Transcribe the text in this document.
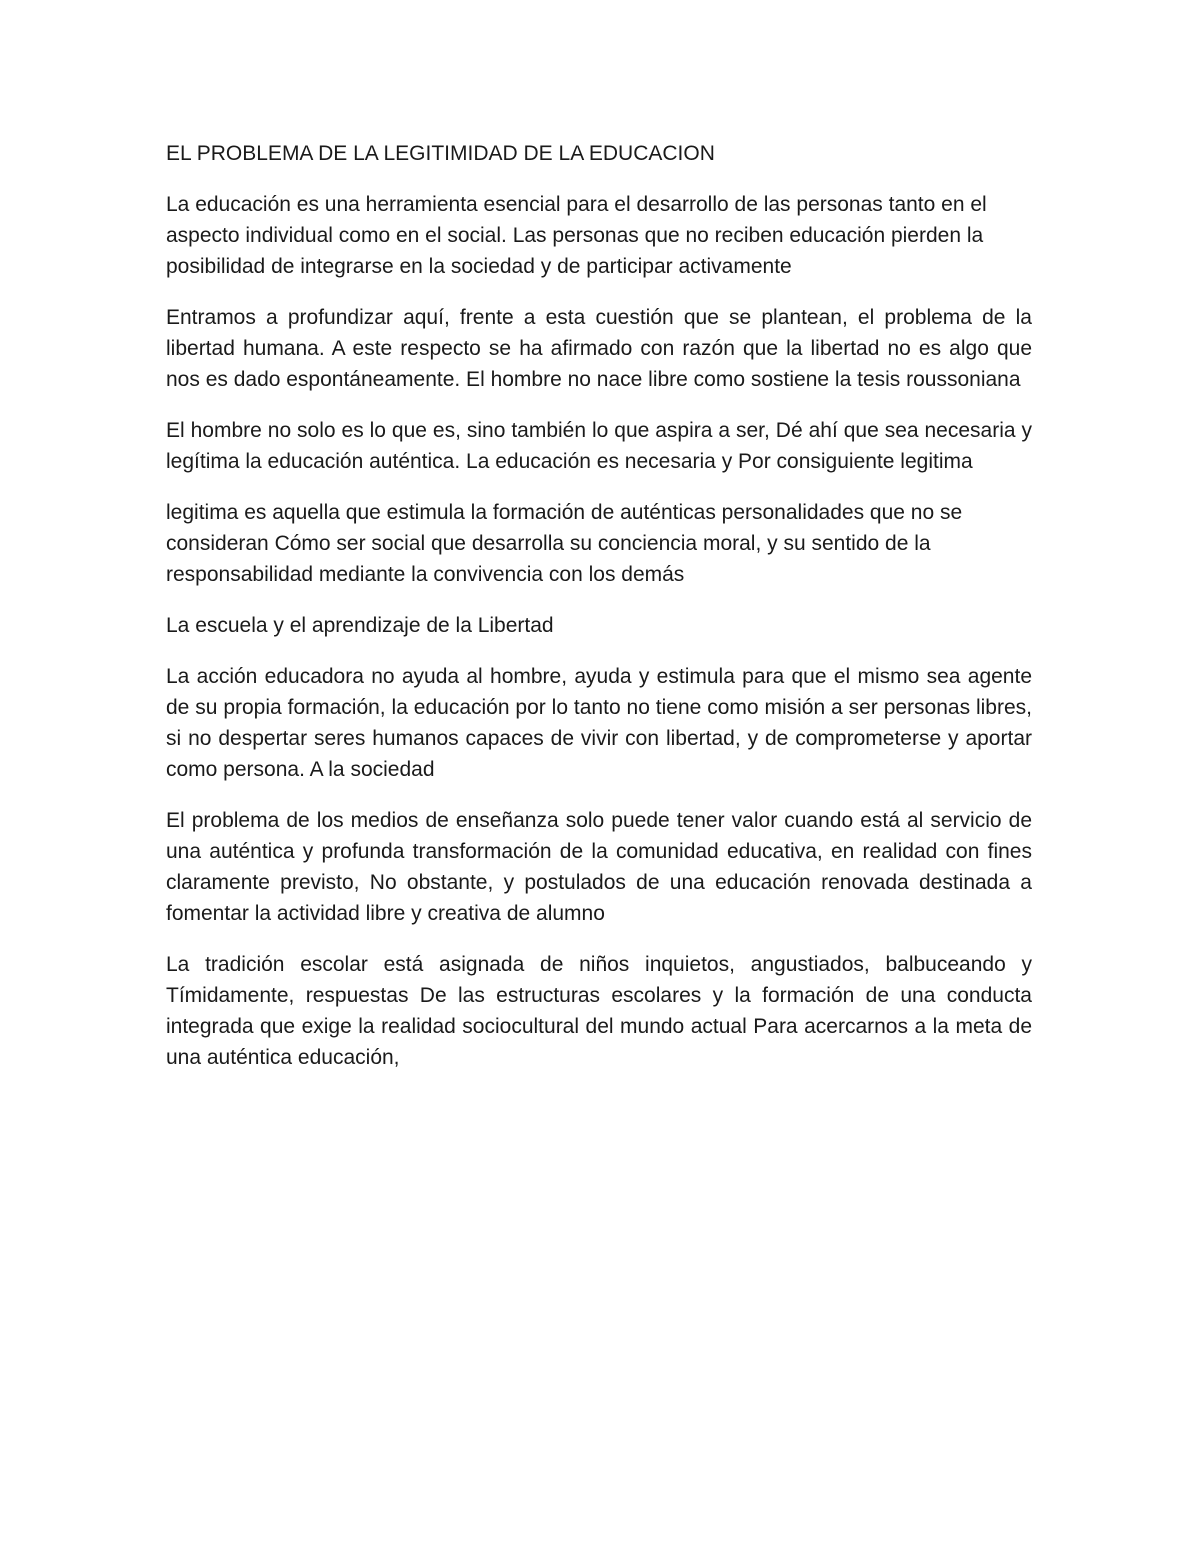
EL PROBLEMA DE LA LEGITIMIDAD DE LA EDUCACION

La educación es una herramienta esencial para el desarrollo de las personas tanto en el aspecto individual como en el social. Las personas que no reciben educación pierden la posibilidad de integrarse en la sociedad y de participar activamente

Entramos a profundizar aquí, frente a esta cuestión que se plantean, el problema de la libertad humana. A este respecto se ha afirmado con razón que la libertad no es algo que nos es dado espontáneamente. El hombre no nace libre como sostiene la tesis roussoniana

El hombre no solo es lo que es, sino también lo que aspira a ser, Dé ahí que sea necesaria y legítima la educación auténtica. La educación es necesaria y Por consiguiente legitima

legitima es aquella que estimula la formación de auténticas personalidades que no se consideran Cómo ser social que desarrolla su conciencia moral, y su sentido de la responsabilidad mediante la convivencia con los demás

La escuela y el aprendizaje de la Libertad

La acción educadora no ayuda al hombre, ayuda y estimula para que el mismo sea agente de su propia formación, la educación por lo tanto no tiene como misión a ser personas libres, si no despertar seres humanos capaces de vivir con libertad, y de comprometerse y aportar como persona. A la sociedad

El problema de los medios de enseñanza solo puede tener valor cuando está al servicio de una auténtica y profunda transformación de la comunidad educativa, en realidad con fines claramente previsto, No obstante, y postulados de una educación renovada destinada a fomentar la actividad libre y creativa de alumno

La tradición escolar está asignada de niños inquietos, angustiados, balbuceando y Tímidamente, respuestas De las estructuras escolares y la formación de una conducta integrada que exige la realidad sociocultural del mundo actual Para acercarnos a la meta de una auténtica educación,
